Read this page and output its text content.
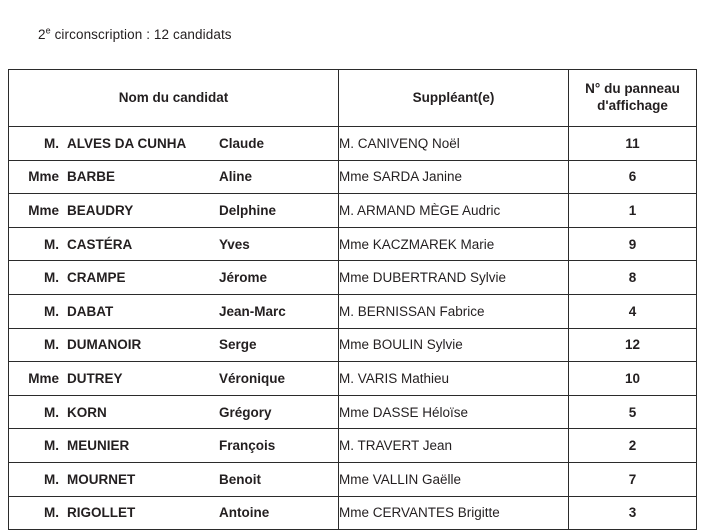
2e circonscription : 12 candidats
Nom du candidat	Suppléant(e)	N° du panneau
d'affichage

M. ALVES DA CUNHA Claude	M. CANIVENQ Noël	11

Mme BARBE Aline	Mme SARDA Janine	6

Mme BEAUDRY Delphine	M. ARMAND MÈGE Audric	1

M. CASTÉRA Yves	Mme KACZMAREK Marie	9

M. CRAMPE Jérome	Mme DUBERTRAND Sylvie	8

M. DABAT Jean-Marc	M. BERNISSAN Fabrice	4

M. DUMANOIR Serge	Mme BOULIN Sylvie	12

Mme DUTREY Véronique	M. VARIS Mathieu	10

M. KORN Grégory	Mme DASSE Héloïse	5

M. MEUNIER François	M. TRAVERT Jean	2

M. MOURNET Benoit	Mme VALLIN Gaëlle	7

M. RIGOLLET Antoine	Mme CERVANTES Brigitte	3
